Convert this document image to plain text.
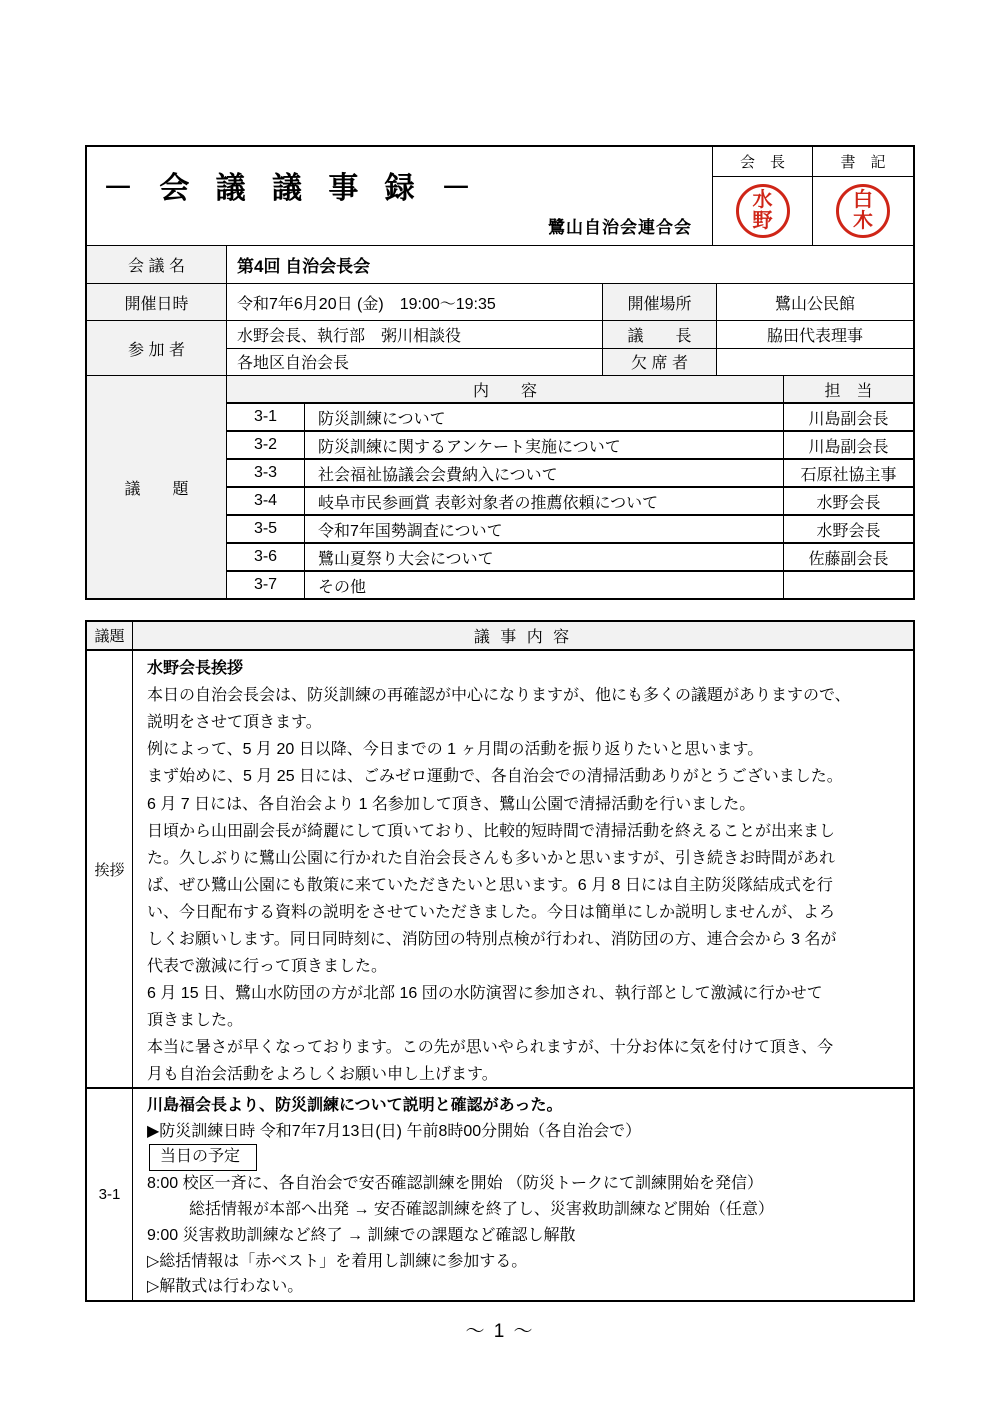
－ 会 議 議 事 録 －
鷺山自治会連合会
会　長
水
野
書　記
白
木
会 議 名	第4回 自治会長会
開催日時	令和7年6月20日 (金)　19:00～19:35	開催場所	鷺山公民館
参 加 者
水野会長、執行部　粥川相談役	議　　長	脇田代表理事
各地区自治会長	欠 席 者
議　　題
内　　容	担　当
3-1	防災訓練について	川島副会長
3-2	防災訓練に関するアンケート実施について	川島副会長
3-3	社会福祉協議会会費納入について	石原社協主事
3-4	岐阜市民参画賞 表彰対象者の推薦依頼について	水野会長
3-5	令和7年国勢調査について	水野会長
3-6	鷺山夏祭り大会について	佐藤副会長
3-7	その他
議題	議 事 内 容
挨拶
水野会長挨拶
本日の自治会長会は、防災訓練の再確認が中心になりますが、他にも多くの議題がありますので、
説明をさせて頂きます。
例によって、5 月 20 日以降、今日までの 1 ヶ月間の活動を振り返りたいと思います。
まず始めに、5 月 25 日には、ごみゼロ運動で、各自治会での清掃活動ありがとうございました。
6 月 7 日には、各自治会より 1 名参加して頂き、鷺山公園で清掃活動を行いました。
日頃から山田副会長が綺麗にして頂いており、比較的短時間で清掃活動を終えることが出来まし
た。久しぶりに鷺山公園に行かれた自治会長さんも多いかと思いますが、引き続きお時間があれ
ば、ぜひ鷺山公園にも散策に来ていただきたいと思います。6 月 8 日には自主防災隊結成式を行
い、今日配布する資料の説明をさせていただきました。今日は簡単にしか説明しませんが、よろ
しくお願いします。同日同時刻に、消防団の特別点検が行われ、消防団の方、連合会から 3 名が
代表で激減に行って頂きました。
6 月 15 日、鷺山水防団の方が北部 16 団の水防演習に参加され、執行部として激減に行かせて
頂きました。
本当に暑さが早くなっております。この先が思いやられますが、十分お体に気を付けて頂き、今
月も自治会活動をよろしくお願い申し上げます。
3-1
川島福会長より、防災訓練について説明と確認があった。
▶防災訓練日時 令和7年7月13日(日) 午前8時00分開始（各自治会で）
当日の予定
8:00 校区一斉に、各自治会で安否確認訓練を開始 （防災トークにて訓練開始を発信）
総括情報が本部へ出発 → 安否確認訓練を終了し、災害救助訓練など開始（任意）
9:00 災害救助訓練など終了 → 訓練での課題など確認し解散
▷総括情報は「赤ベスト」を着用し訓練に参加する。
▷解散式は行わない。
～ 1 ～
